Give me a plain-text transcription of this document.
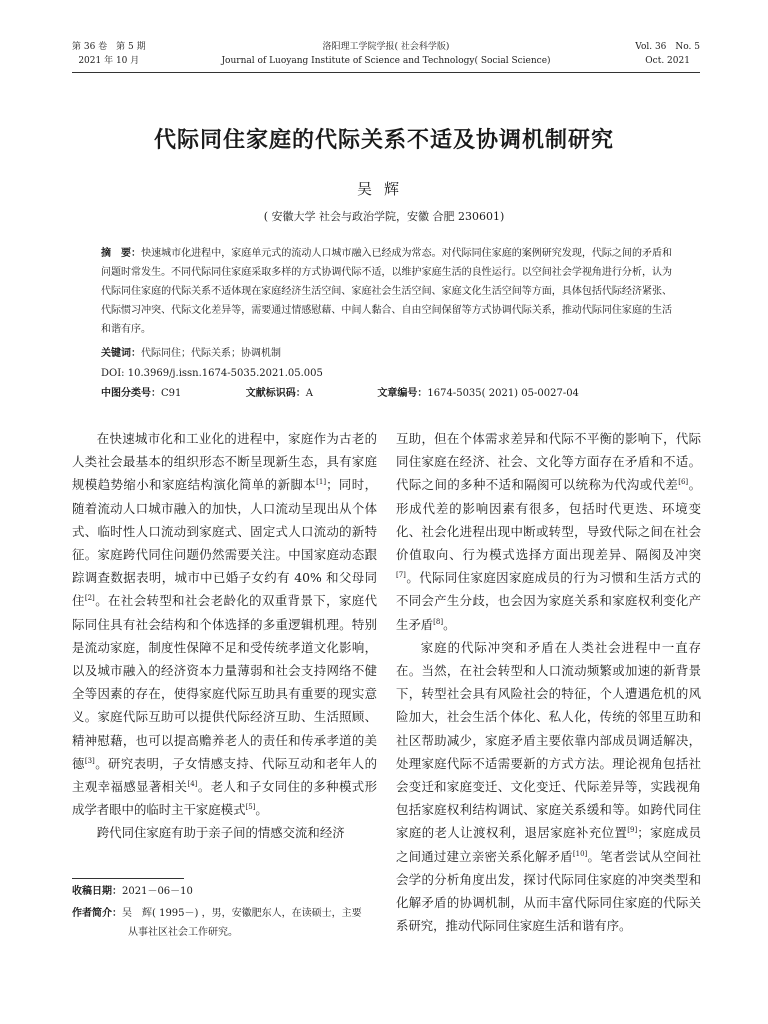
第 36 卷　第 5 期
2021 年 10 月
洛阳理工学院学报( 社会科学版)
Journal of Luoyang Institute of Science and Technology( Social Science)
Vol. 36　No. 5
Oct. 2021
代际同住家庭的代际关系不适及协调机制研究
吴辉
( 安徽大学 社会与政治学院，安徽 合肥 230601)
摘　要：快速城市化进程中，家庭单元式的流动人口城市融入已经成为常态。对代际同住家庭的案例研究发现，代际之间的矛盾和问题时常发生。不同代际同住家庭采取多样的方式协调代际不适，以维护家庭生活的良性运行。以空间社会学视角进行分析，认为代际同住家庭的代际关系不适体现在家庭经济生活空间、家庭社会生活空间、家庭文化生活空间等方面，具体包括代际经济紧张、代际惯习冲突、代际文化差异等，需要通过情感慰藉、中间人黏合、自由空间保留等方式协调代际关系，推动代际同住家庭的生活和谐有序。
关键词：代际同住；代际关系；协调机制
DOI: 10.3969/j.issn.1674-5035.2021.05.005
中图分类号：C91	文献标识码：A	文章编号：1674-5035( 2021) 05-0027-04

在快速城市化和工业化的进程中，家庭作为古老的人类社会最基本的组织形态不断呈现新生态，具有家庭规模趋势缩小和家庭结构演化简单的新脚本[1]；同时，随着流动人口城市融入的加快，人口流动呈现出从个体式、临时性人口流动到家庭式、固定式人口流动的新特征。家庭跨代同住问题仍然需要关注。中国家庭动态跟踪调查数据表明，城市中已婚子女约有 40% 和父母同住[2]。在社会转型和社会老龄化的双重背景下，家庭代际同住具有社会结构和个体选择的多重逻辑机理。特别是流动家庭，制度性保障不足和受传统孝道文化影响，以及城市融入的经济资本力量薄弱和社会支持网络不健全等因素的存在，使得家庭代际互助具有重要的现实意义。家庭代际互助可以提供代际经济互助、生活照顾、精神慰藉，也可以提高赡养老人的责任和传承孝道的美德[3]。研究表明，子女情感支持、代际互动和老年人的主观幸福感显著相关[4]。老人和子女同住的多种模式形成学者眼中的临时主干家庭模式[5]。

跨代同住家庭有助于亲子间的情感交流和经济

互助，但在个体需求差异和代际不平衡的影响下，代际同住家庭在经济、社会、文化等方面存在矛盾和不适。代际之间的多种不适和隔阂可以统称为代沟或代差[6]。形成代差的影响因素有很多，包括时代更迭、环境变化、社会化进程出现中断或转型，导致代际之间在社会价值取向、行为模式选择方面出现差异、隔阂及冲突[7]。代际同住家庭因家庭成员的行为习惯和生活方式的不同会产生分歧，也会因为家庭关系和家庭权利变化产生矛盾[8]。

家庭的代际冲突和矛盾在人类社会进程中一直存在。当然，在社会转型和人口流动频繁或加速的新背景下，转型社会具有风险社会的特征，个人遭遇危机的风险加大，社会生活个体化、私人化，传统的邻里互助和社区帮助减少，家庭矛盾主要依靠内部成员调适解决，处理家庭代际不适需要新的方式方法。理论视角包括社会变迁和家庭变迁、文化变迁、代际差异等，实践视角包括家庭权利结构调试、家庭关系缓和等。如跨代同住家庭的老人让渡权利，退居家庭补充位置[9]；家庭成员之间通过建立亲密关系化解矛盾[10]。笔者尝试从空间社会学的分析角度出发，探讨代际同住家庭的冲突类型和化解矛盾的协调机制，从而丰富代际同住家庭的代际关系研究，推动代际同住家庭生活和谐有序。

收稿日期：2021－06－10
作者简介：吴　辉( 1995－) ，男，安徽肥东人，在读硕士，主要
从事社区社会工作研究。
